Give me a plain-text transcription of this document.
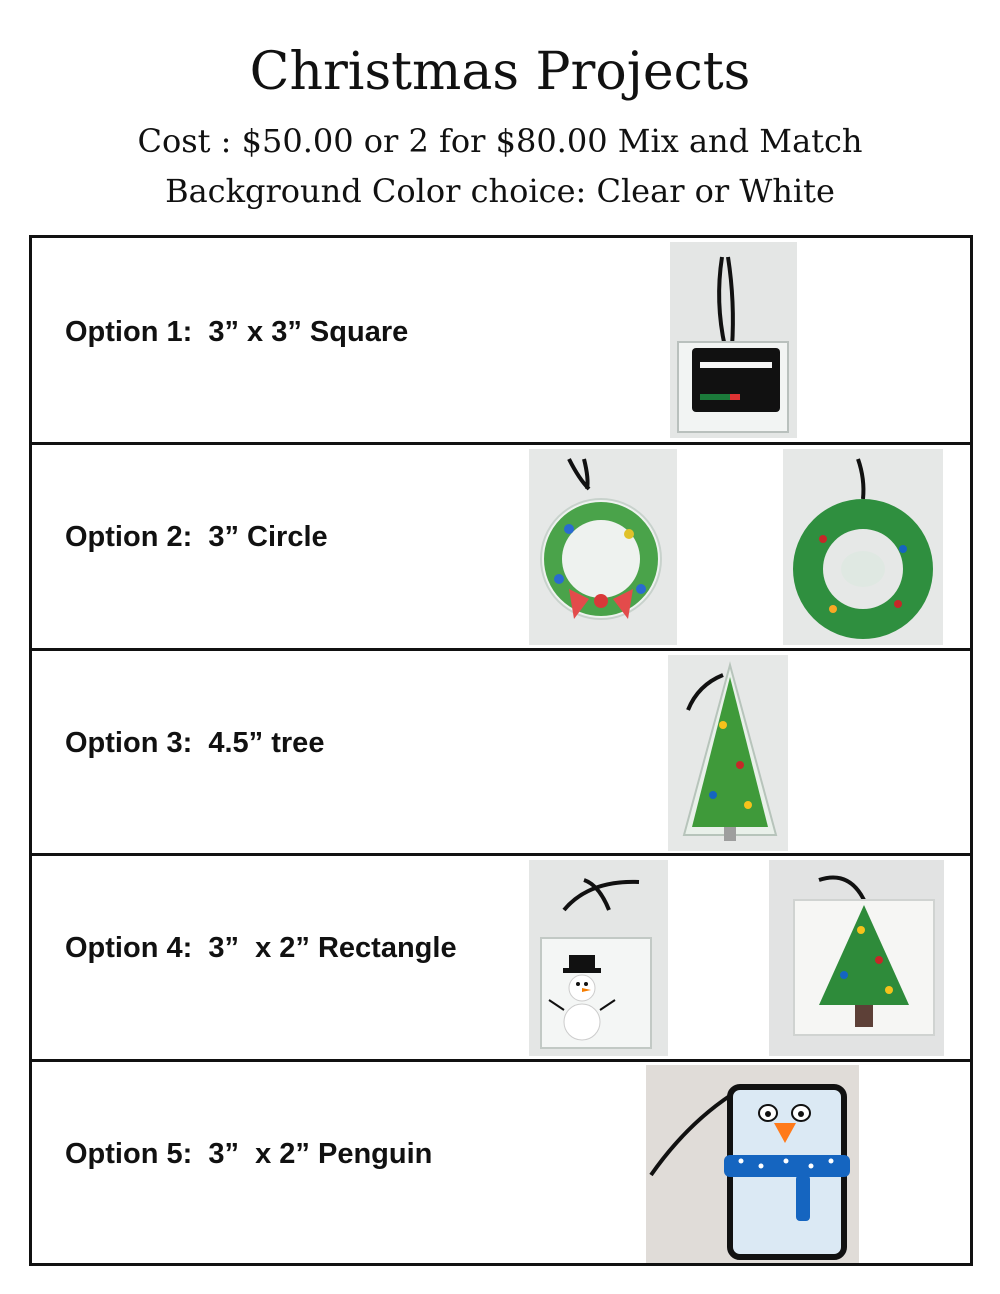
Christmas Projects
Cost : $50.00 or 2 for $80.00 Mix and Match
Background Color choice: Clear or White
Option 1:  3” x 3” Square
Option 2:  3” Circle
Option 3:  4.5” tree
Option 4:  3”  x 2” Rectangle
Option 5:  3”  x 2” Penguin
